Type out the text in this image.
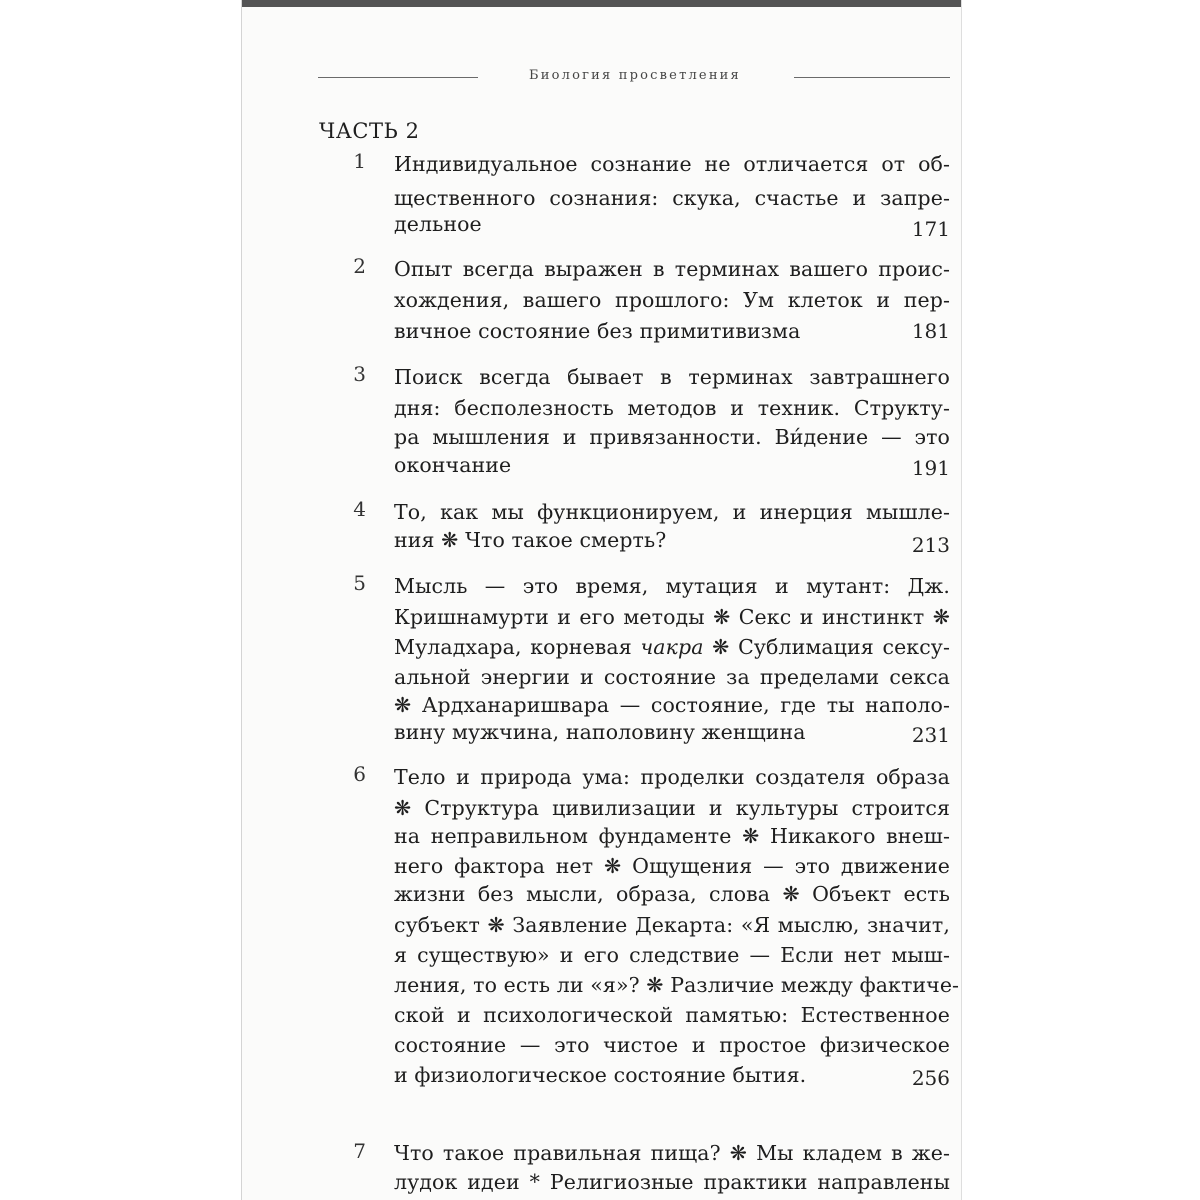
Биология просветления
ЧАСТЬ 2
1 Индивидуальное сознание не отличается от об-
щественного сознания: скука, счастье и запре-
дельное	171
2 Опыт всегда выражен в терминах вашего проис-
хождения, вашего прошлого: Ум клеток и пер-
вичное состояние без примитивизма	181
3 Поиск всегда бывает в терминах завтрашнего
дня: бесполезность методов и техник. Структу-
ра мышления и привязанности. Ви́дение — это
окончание	191
4 То, как мы функционируем, и инерция мышле-
ния ❋ Что такое смерть?	213
5 Мысль — это время, мутация и мутант: Дж.
Кришнамурти и его методы ❋ Секс и инстинкт ❋
Муладхара, корневая чакра ❋ Сублимация сексу-
альной энергии и состояние за пределами секса
❋ Ардханаришвара — состояние, где ты наполо-
вину мужчина, наполовину женщина	231
6 Тело и природа ума: проделки создателя образа
❋ Структура цивилизации и культуры строится
на неправильном фундаменте ❋ Никакого внеш-
него фактора нет ❋ Ощущения — это движение
жизни без мысли, образа, слова ❋ Объект есть
субъект ❋ Заявление Декарта: «Я мыслю, значит,
я существую» и его следствие — Если нет мыш-
ления, то есть ли «я»? ❋ Различие между фактиче-
ской и психологической памятью: Естественное
состояние — это чистое и простое физическое
и физиологическое состояние бытия.	256
7 Что такое правильная пища? ❋ Мы кладем в же-
лудок идеи * Религиозные практики направлены
